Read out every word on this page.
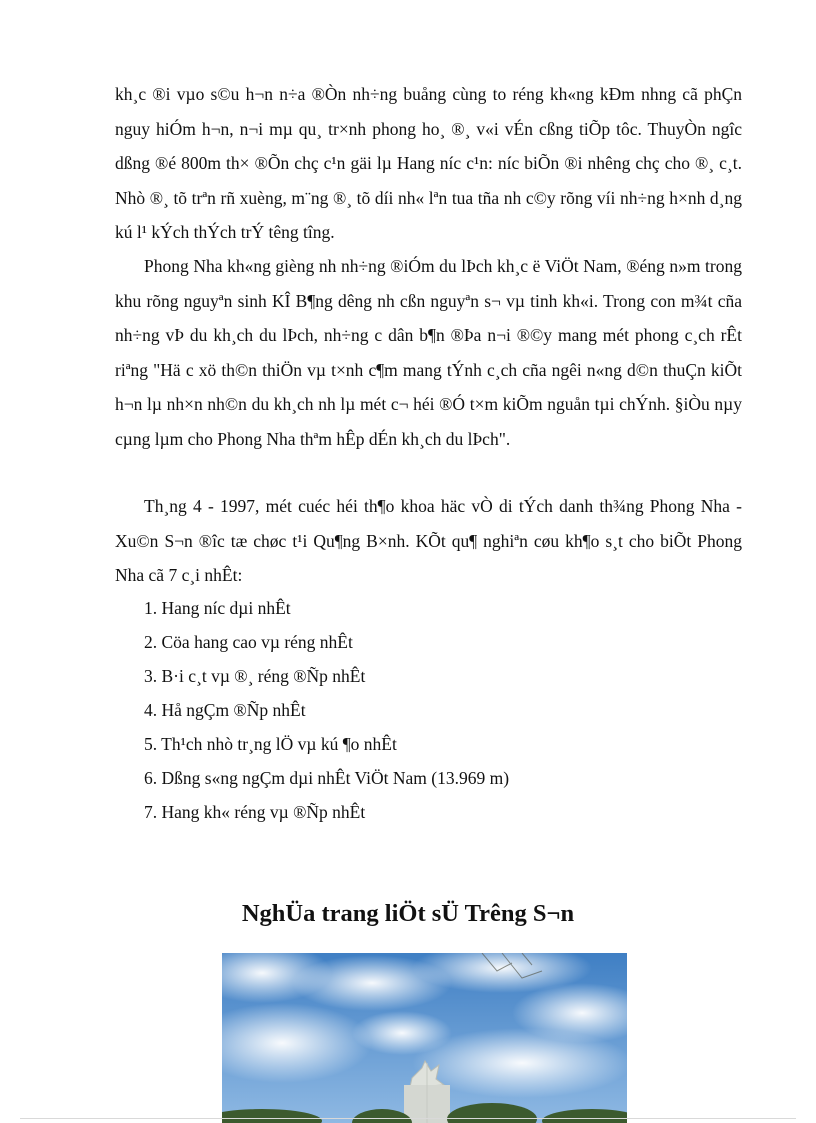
kh¸c ®i vµo s©u h¬n n÷a ®Òn nh÷ng buång cùng to réng kh«ng kÐm nhng cã phÇn nguy hiÓm h¬n, n¬i mµ qu¸ tr×nh phong ho¸ ®¸ v«i vÉn cßng tiÕp tôc. ThuyÒn ngîc dßng ®é 800m th× ®Õn chç c¹n gäi lµ Hang níc c¹n: níc biÕn ®i nhêng chç cho ®¸ c¸t. Nhò ®¸ tõ trªn rñ xuèng, m¨ng ®¸ tõ díi nh« lªn tua tña nh c©y rõng víi nh÷ng h×nh d¸ng kú l¹ kÝch thÝch trÝ têng tîng.

Phong Nha kh«ng gièng nh nh÷ng ®iÓm du lÞch kh¸c ë ViÖt Nam, ®éng n»m trong khu rõng nguyªn sinh KÎ B¶ng dêng nh cßn nguyªn s¬ vµ tinh kh«i. Trong con m¾t cña nh÷ng vÞ du kh¸ch du lÞch, nh÷ng c dân b¶n ®Þa n¬i ®©y mang mét phong c¸ch rÊt riªng "Hä c xö th©n thiÖn vµ t×nh c¶m mang tÝnh c¸ch cña ngêi n«ng d©n thuÇn kiÕt h¬n lµ nh×n nh©n du kh¸ch nh lµ mét c¬ héi ®Ó t×m kiÕm nguån tµi chÝnh. §iÒu nµy cµng lµm cho Phong Nha thªm hÊp dÉn kh¸ch du lÞch".

Th¸ng 4 - 1997, mét cuéc héi th¶o khoa häc vÒ di tÝch danh th¾ng Phong Nha - Xu©n S¬n ®îc tæ chøc t¹i Qu¶ng B×nh. KÕt qu¶ nghiªn cøu kh¶o s¸t cho biÕt Phong Nha cã 7 c¸i nhÊt:

1. Hang níc dµi nhÊt
2. Cöa hang cao vµ réng nhÊt
3. B·i c¸t vµ ®¸ réng ®Ñp nhÊt
4. Hå ngÇm ®Ñp nhÊt
5. Th¹ch nhò tr¸ng lÖ vµ kú ¶o nhÊt
6. Dßng s«ng ngÇm dµi nhÊt ViÖt Nam (13.969 m)
7. Hang kh« réng vµ ®Ñp nhÊt
NghÜa trang liÖt sÜ Trêng S¬n
